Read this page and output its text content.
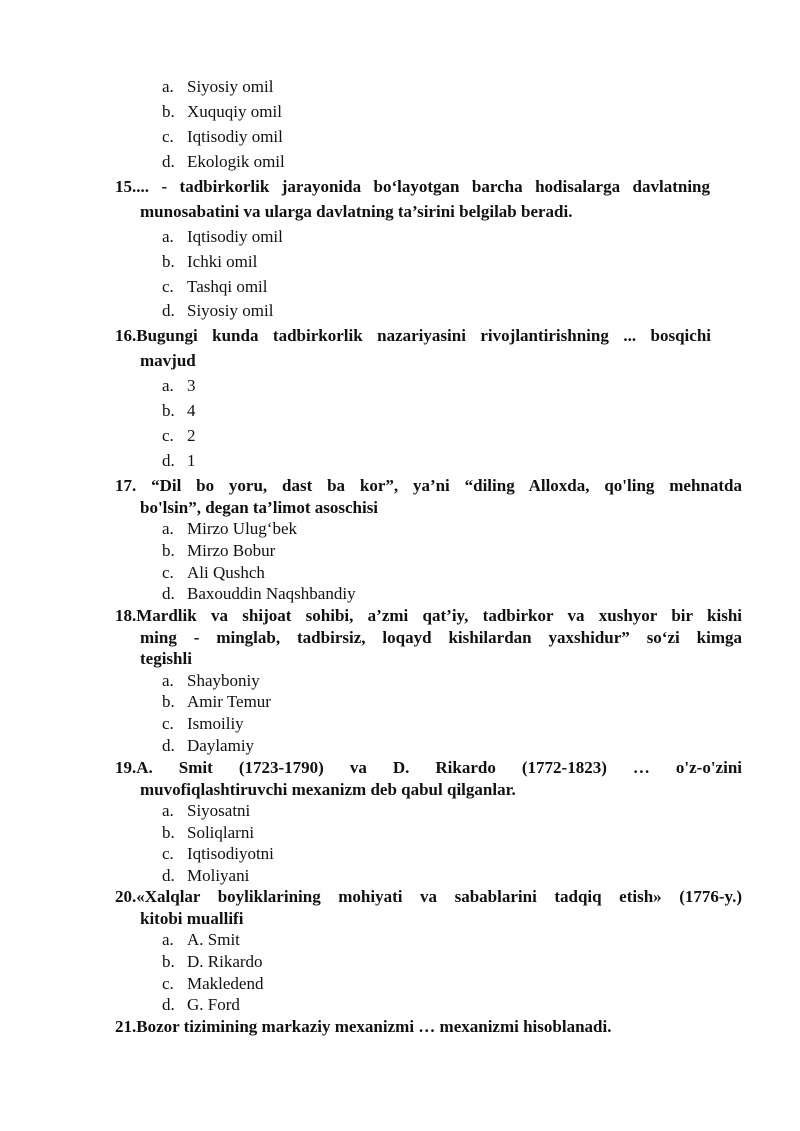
a. Siyosiy omil
b. Xuquqiy omil
c. Iqtisodiy omil
d. Ekologik omil
15.... - tadbirkorlik jarayonida bo‘layotgan barcha hodisalarga davlatning
munosabatini va ularga davlatning ta’sirini belgilab beradi.
a. Iqtisodiy omil
b. Ichki omil
c. Tashqi omil
d. Siyosiy omil
16.Bugungi kunda tadbirkorlik nazariyasini rivojlantirishning ... bosqichi
mavjud
a. 3
b. 4
c. 2
d. 1
17. “Dil bo yoru, dast ba kor”, ya’ni “diling Alloxda, qo'ling mehnatda
bo'lsin”, degan ta’limot asoschisi
a. Mirzo Ulug‘bek
b. Mirzo Bobur
c. Ali Qushch
d. Baxouddin Naqshbandiy
18.Mardlik va shijoat sohibi, a’zmi qat’iy, tadbirkor va xushyor bir kishi
ming - minglab, tadbirsiz, loqayd kishilardan yaxshidur” so‘zi kimga
tegishli
a. Shayboniy
b. Amir Temur
c. Ismoiliy
d. Daylamiy
19.A. Smit (1723-1790) va D. Rikardo (1772-1823) … o'z-o'zini
muvofiqlashtiruvchi mexanizm deb qabul qilganlar.
a. Siyosatni
b. Soliqlarni
c. Iqtisodiyotni
d. Moliyani
20.«Xalqlar boyliklarining mohiyati va sabablarini tadqiq etish» (1776-y.)
kitobi muallifi
a. A. Smit
b. D. Rikardo
c. Makledend
d. G. Ford
21.Bozor tizimining markaziy mexanizmi … mexanizmi hisoblanadi.
